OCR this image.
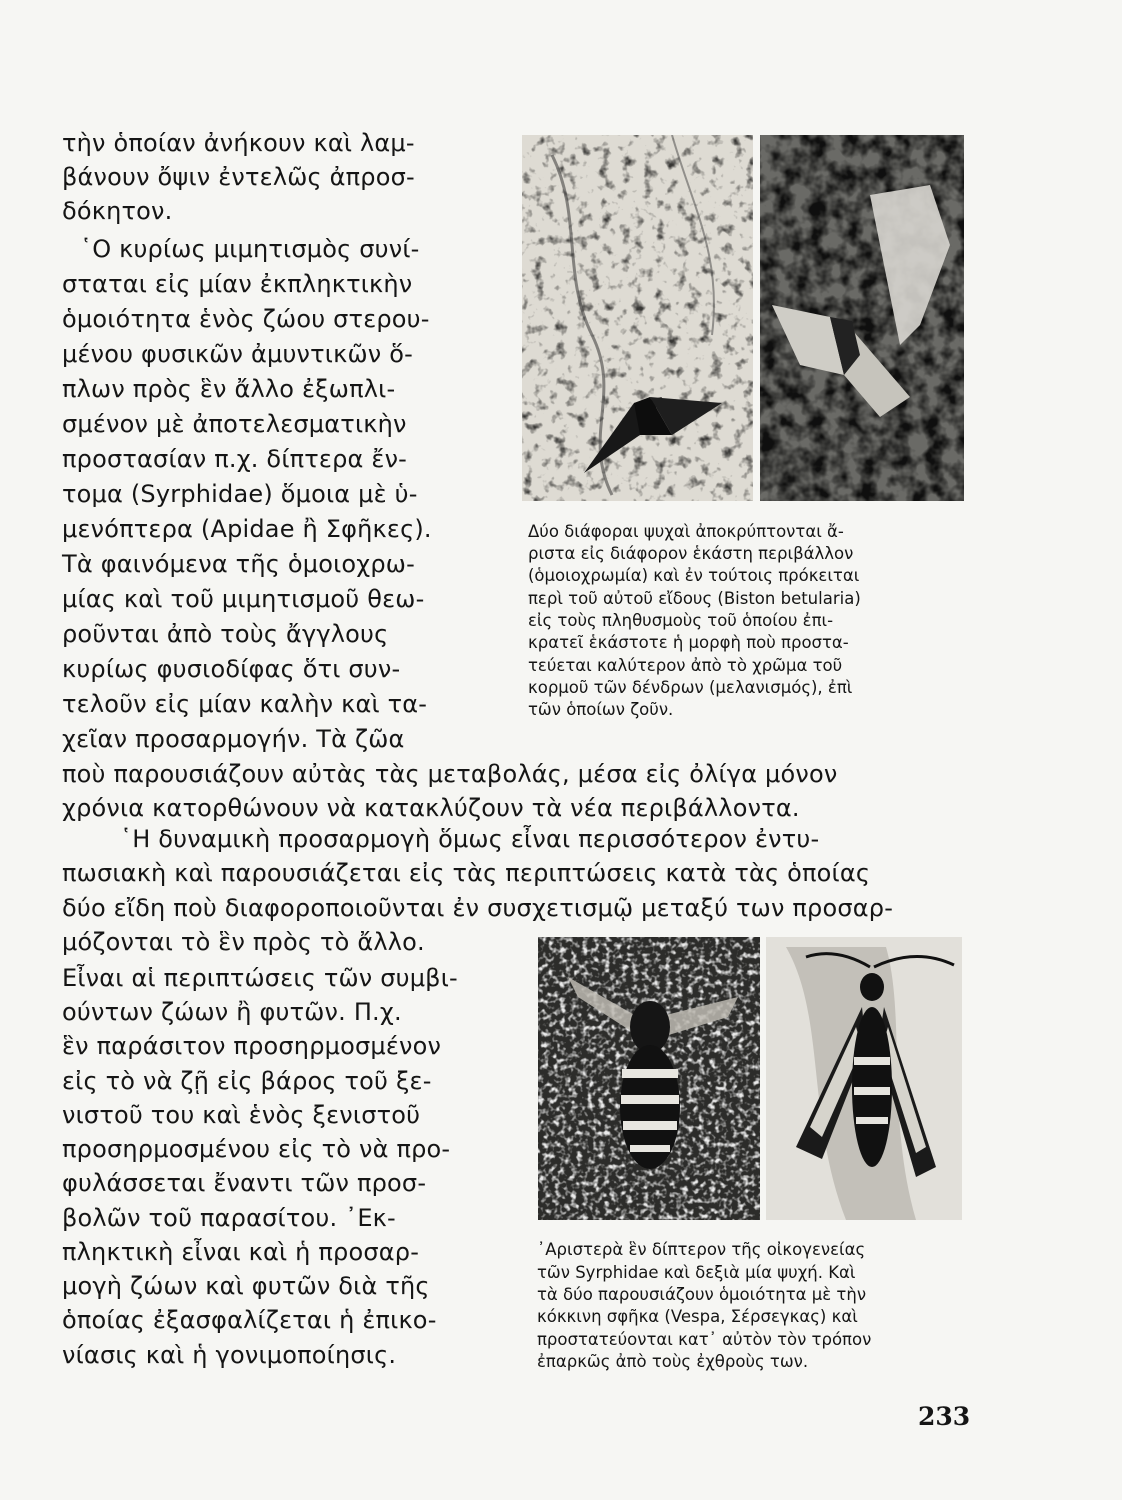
τὴν ὁποίαν ἀνήκουν καὶ λαμ-
βάνουν ὄψιν ἐντελῶς ἀπροσ-
δόκητον.
῾Ο κυρίως μιμητισμὸς συνί-
σταται εἰς μίαν ἐκπληκτικὴν
ὁμοιότητα ἑνὸς ζώου στερου-
μένου φυσικῶν ἀμυντικῶν ὅ-
πλων πρὸς ἓν ἄλλο ἐξωπλι-
σμένον μὲ ἀποτελεσματικὴν
προστασίαν π.χ. δίπτερα ἔν-
τομα (Syrphidae) ὅμοια μὲ ὑ-
μενόπτερα (Apidae ἢ Σφῆκες).
Τὰ φαινόμενα τῆς ὁμοιοχρω-
μίας καὶ τοῦ μιμητισμοῦ θεω-
ροῦνται ἀπὸ τοὺς ἄγγλους
κυρίως φυσιοδίφας ὅτι συν-
τελοῦν εἰς μίαν καλὴν καὶ τα-
χεῖαν προσαρμογήν. Τὰ ζῶα
Δύο διάφοραι ψυχαὶ ἀποκρύπτονται ἄ-
ριστα εἰς διάφορον ἑκάστη περιβάλλον
(ὁμοιοχρωμία) καὶ ἐν τούτοις πρόκειται
περὶ τοῦ αὐτοῦ εἴδους (Biston betularia)
εἰς τοὺς πληθυσμοὺς τοῦ ὁποίου ἐπι-
κρατεῖ ἑκάστοτε ἡ μορφὴ ποὺ προστα-
τεύεται καλύτερον ἀπὸ τὸ χρῶμα τοῦ
κορμοῦ τῶν δένδρων (μελανισμός), ἐπὶ
τῶν ὁποίων ζοῦν.
ποὺ παρουσιάζουν αὐτὰς τὰς μεταβολάς, μέσα εἰς ὀλίγα μόνον
χρόνια κατορθώνουν νὰ κατακλύζουν τὰ νέα περιβάλλοντα.
῾Η δυναμικὴ προσαρμογὴ ὅμως εἶναι περισσότερον ἐντυ-
πωσιακὴ καὶ παρουσιάζεται εἰς τὰς περιπτώσεις κατὰ τὰς ὁποίας
δύο εἴδη ποὺ διαφοροποιοῦνται ἐν συσχετισμῷ μεταξύ των προσαρ-
μόζονται τὸ ἓν πρὸς τὸ ἄλλο.
Εἶναι αἱ περιπτώσεις τῶν συμβι-
ούντων ζώων ἢ φυτῶν. Π.χ.
ἓν παράσιτον προσηρμοσμένον
εἰς τὸ νὰ ζῇ εἰς βάρος τοῦ ξε-
νιστοῦ του καὶ ἑνὸς ξενιστοῦ
προσηρμοσμένου εἰς τὸ νὰ προ-
φυλάσσεται ἔναντι τῶν προσ-
βολῶν τοῦ παρασίτου. ᾿Εκ-
πληκτικὴ εἶναι καὶ ἡ προσαρ-
μογὴ ζώων καὶ φυτῶν διὰ τῆς
ὁποίας ἐξασφαλίζεται ἡ ἐπικο-
νίασις καὶ ἡ γονιμοποίησις.
᾿Αριστερὰ ἓν δίπτερον τῆς οἰκογενείας
τῶν Syrphidae καὶ δεξιὰ μία ψυχή. Καὶ
τὰ δύο παρουσιάζουν ὁμοιότητα μὲ τὴν
κόκκινη σφῆκα (Vespa, Σέρσεγκας) καὶ
προστατεύονται κατ᾿ αὐτὸν τὸν τρόπον
ἐπαρκῶς ἀπὸ τοὺς ἐχθροὺς των.
233
